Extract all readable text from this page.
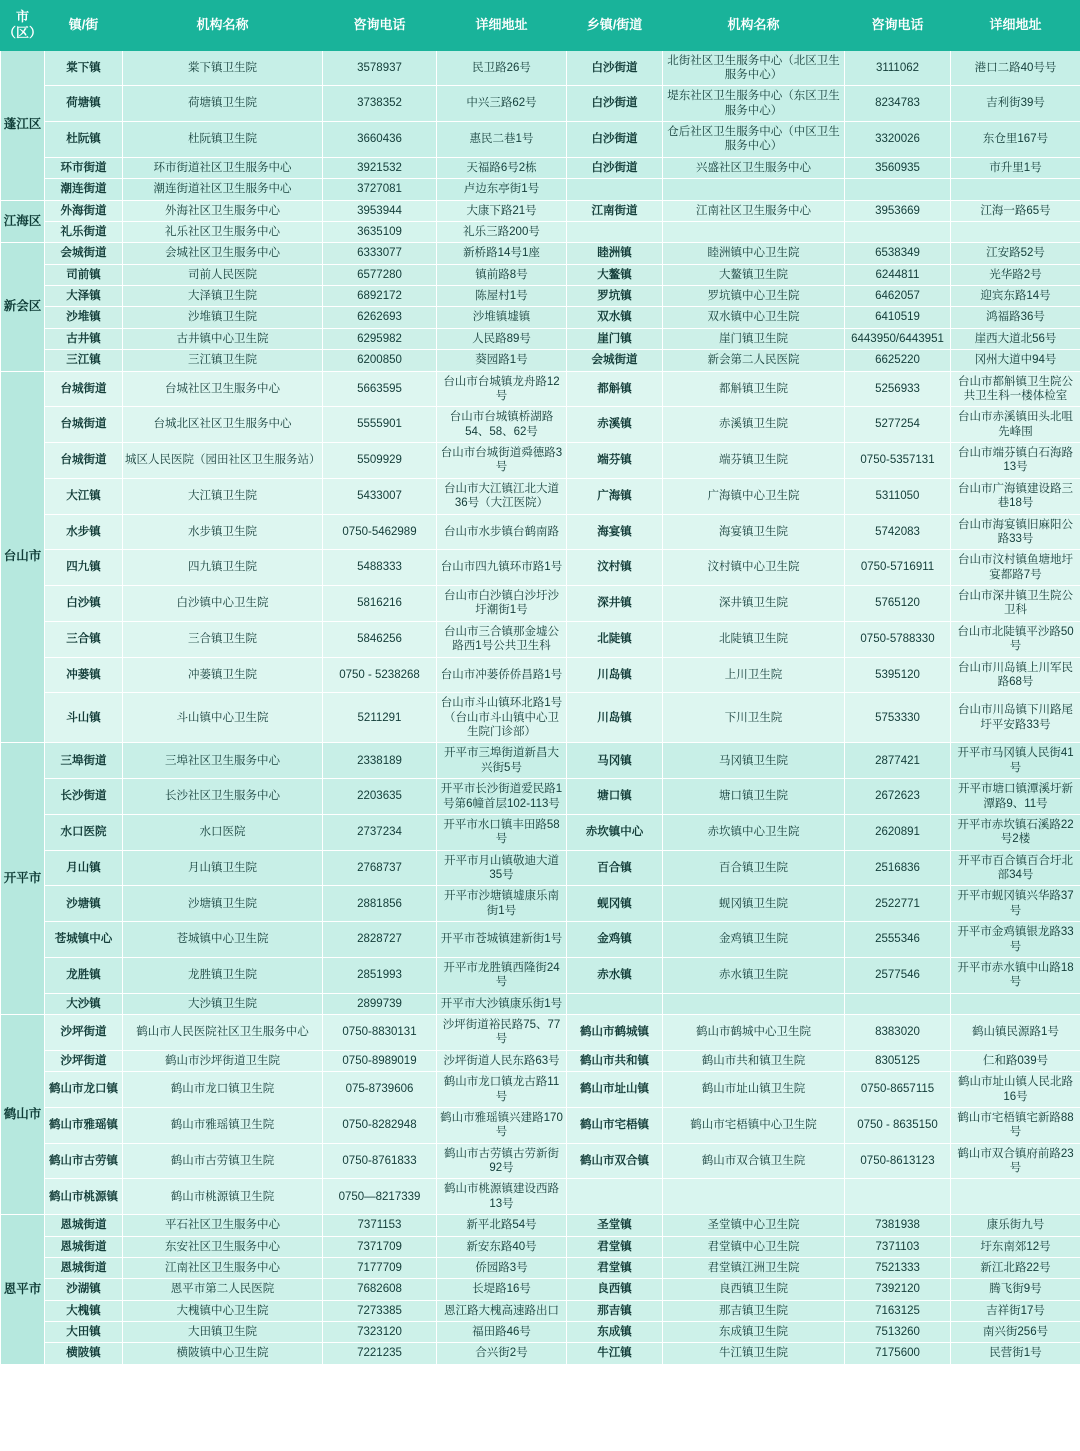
市（区）	镇/街	机构名称	咨询电话	详细地址	乡镇/街道	机构名称	咨询电话	详细地址
蓬江区	棠下镇	棠下镇卫生院	3578937	民卫路26号	白沙街道	北街社区卫生服务中心（北区卫生服务中心）	3111062	港口二路40号号
	荷塘镇	荷塘镇卫生院	3738352	中兴三路62号	白沙街道	堤东社区卫生服务中心（东区卫生服务中心）	8234783	吉利街39号
	杜阮镇	杜阮镇卫生院	3660436	惠民二巷1号	白沙街道	仓后社区卫生服务中心（中区卫生服务中心）	3320026	东仓里167号
	环市街道	环市街道社区卫生服务中心	3921532	天福路6号2栋	白沙街道	兴盛社区卫生服务中心	3560935	市升里1号
	潮连街道	潮连街道社区卫生服务中心	3727081	卢边东亭街1号				
江海区	外海街道	外海社区卫生服务中心	3953944	大康下路21号	江南街道	江南社区卫生服务中心	3953669	江海一路65号
	礼乐街道	礼乐社区卫生服务中心	3635109	礼乐三路200号				
新会区	会城街道	会城社区卫生服务中心	6333077	新桥路14号1座	睦洲镇	睦洲镇中心卫生院	6538349	江安路52号
	司前镇	司前人民医院	6577280	镇前路8号	大鳌镇	大鳌镇卫生院	6244811	光华路2号
	大泽镇	大泽镇卫生院	6892172	陈屋村1号	罗坑镇	罗坑镇中心卫生院	6462057	迎宾东路14号
	沙堆镇	沙堆镇卫生院	6262693	沙堆镇墟镇	双水镇	双水镇中心卫生院	6410519	鸿福路36号
	古井镇	古井镇中心卫生院	6295982	人民路89号	崖门镇	崖门镇卫生院	6443950/6443951	崖西大道北56号
	三江镇	三江镇卫生院	6200850	葵园路1号	会城街道	新会第二人民医院	6625220	冈州大道中94号
台山市	台城街道	台城社区卫生服务中心	5663595	台山市台城镇龙舟路12号	都斛镇	都斛镇卫生院	5256933	台山市都斛镇卫生院公共卫生科一楼体检室
	台城街道	台城北区社区卫生服务中心	5555901	台山市台城镇桥湖路54、58、62号	赤溪镇	赤溪镇卫生院	5277254	台山市赤溪镇田头北咀先峰围
	台城街道	城区人民医院（园田社区卫生服务站）	5509929	台山市台城街道舜德路3号	端芬镇	端芬镇卫生院	0750-5357131	台山市端芬镇白石海路13号
	大江镇	大江镇卫生院	5433007	台山市大江镇江北大道36号（大江医院）	广海镇	广海镇中心卫生院	5311050	台山市广海镇建设路三巷18号
	水步镇	水步镇卫生院	0750-5462989	台山市水步镇台鹤南路	海宴镇	海宴镇卫生院	5742083	台山市海宴镇旧麻阳公路33号
	四九镇	四九镇卫生院	5488333	台山市四九镇环市路1号	汶村镇	汶村镇中心卫生院	0750-5716911	台山市汶村镇鱼塘地圩宴都路7号
	白沙镇	白沙镇中心卫生院	5816216	台山市白沙镇白沙圩沙圩潮街1号	深井镇	深井镇卫生院	5765120	台山市深井镇卫生院公卫科
	三合镇	三合镇卫生院	5846256	台山市三合镇那金墟公路西1号公共卫生科	北陡镇	北陡镇卫生院	0750-5788330	台山市北陡镇平沙路50号
	冲蒌镇	冲蒌镇卫生院	0750 - 5238268	台山市冲蒌侨侨昌路1号	川岛镇	上川卫生院	5395120	台山市川岛镇上川军民路68号
	斗山镇	斗山镇中心卫生院	5211291	台山市斗山镇环北路1号（台山市斗山镇中心卫生院门诊部）	川岛镇	下川卫生院	5753330	台山市川岛镇下川路尾圩平安路33号
开平市	三埠街道	三埠社区卫生服务中心	2338189	开平市三埠街道新昌大兴街5号	马冈镇	马冈镇卫生院	2877421	开平市马冈镇人民街41号
	长沙街道	长沙社区卫生服务中心	2203635	开平市长沙街道爱民路1号第6幢首层102-113号	塘口镇	塘口镇卫生院	2672623	开平市塘口镇潭溪圩新潭路9、11号
	水口医院	水口医院	2737234	开平市水口镇丰田路58号	赤坎镇中心	赤坎镇中心卫生院	2620891	开平市赤坎镇石溪路22号2楼
	月山镇	月山镇卫生院	2768737	开平市月山镇敬迪大道35号	百合镇	百合镇卫生院	2516836	开平市百合镇百合圩北部34号
	沙塘镇	沙塘镇卫生院	2881856	开平市沙塘镇墟康乐南街1号	蚬冈镇	蚬冈镇卫生院	2522771	开平市蚬冈镇兴华路37号
	苍城镇中心	苍城镇中心卫生院	2828727	开平市苍城镇建新街1号	金鸡镇	金鸡镇卫生院	2555346	开平市金鸡镇银龙路33号
	龙胜镇	龙胜镇卫生院	2851993	开平市龙胜镇西隆街24号	赤水镇	赤水镇卫生院	2577546	开平市赤水镇中山路18号
	大沙镇	大沙镇卫生院	2899739	开平市大沙镇康乐街1号				
鹤山市	沙坪街道	鹤山市人民医院社区卫生服务中心	0750-8830131	沙坪街道裕民路75、77号	鹤山市鹤城镇	鹤山市鹤城中心卫生院	8383020	鹤山镇民源路1号
	沙坪街道	鹤山市沙坪街道卫生院	0750-8989019	沙坪街道人民东路63号	鹤山市共和镇	鹤山市共和镇卫生院	8305125	仁和路039号
	鹤山市龙口镇	鹤山市龙口镇卫生院	075-8739606	鹤山市龙口镇龙古路11号	鹤山市址山镇	鹤山市址山镇卫生院	0750-8657115	鹤山市址山镇人民北路16号
	鹤山市雅瑶镇	鹤山市雅瑶镇卫生院	0750-8282948	鹤山市雅瑶镇兴建路170号	鹤山市宅梧镇	鹤山市宅梧镇中心卫生院	0750 - 8635150	鹤山市宅梧镇宅新路88号
	鹤山市古劳镇	鹤山市古劳镇卫生院	0750-8761833	鹤山市古劳镇古劳新街92号	鹤山市双合镇	鹤山市双合镇卫生院	0750-8613123	鹤山市双合镇府前路23号
	鹤山市桃源镇	鹤山市桃源镇卫生院	0750—8217339	鹤山市桃源镇建设西路13号				
恩平市	恩城街道	平石社区卫生服务中心	7371153	新平北路54号	圣堂镇	圣堂镇中心卫生院	7381938	康乐街九号
	恩城街道	东安社区卫生服务中心	7371709	新安东路40号	君堂镇	君堂镇中心卫生院	7371103	圩东南郊12号
	恩城街道	江南社区卫生服务中心	7177709	侨园路3号	君堂镇	君堂镇江洲卫生院	7521333	新江北路22号
	沙湖镇	恩平市第二人民医院	7682608	长堤路16号	良西镇	良西镇卫生院	7392120	腾飞街9号
	大槐镇	大槐镇中心卫生院	7273385	恩江路大槐高速路出口	那吉镇	那吉镇卫生院	7163125	吉祥街17号
	大田镇	大田镇卫生院	7323120	福田路46号	东成镇	东成镇卫生院	7513260	南兴街256号
	横陂镇	横陂镇中心卫生院	7221235	合兴街2号	牛江镇	牛江镇卫生院	7175600	民营街1号
